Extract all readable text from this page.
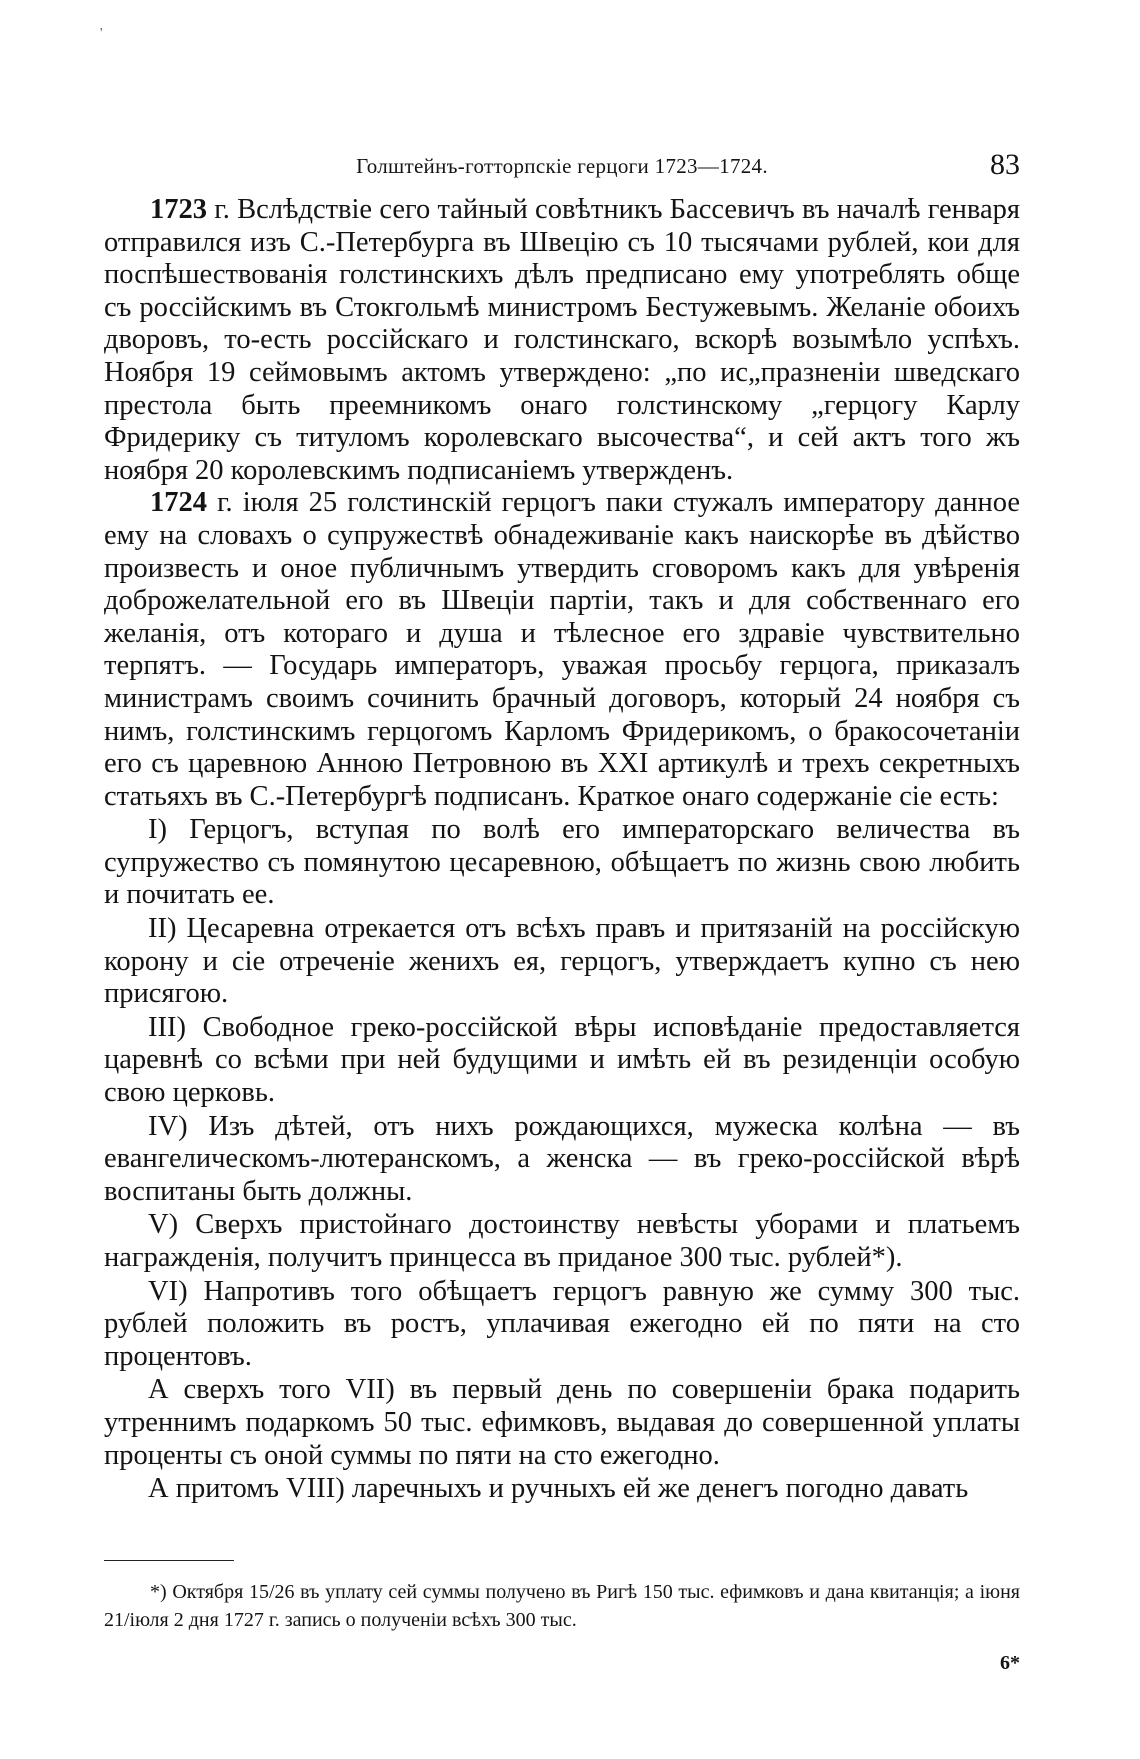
'
Голштейнъ-готторпскіе герцоги 1723—1724.	83

1723 г. Вслѣдствіе сего тайный совѣтникъ Бассевичъ въ началѣ генваря отправился изъ С.-Петербурга въ Швецію съ 10 тысячами рублей, кои для поспѣшествованія голстинскихъ дѣлъ предписано ему употреблять обще съ россійскимъ въ Стокгольмѣ министромъ Бестужевымъ. Желаніе обоихъ дворовъ, то-есть россійскаго и голстинскаго, вскорѣ возымѣло успѣхъ. Ноября 19 сеймовымъ актомъ утверждено: „по ис„празненіи шведскаго престола быть преемникомъ онаго голстинскому „герцогу Карлу Фридерику съ титуломъ королевскаго высочества“, и сей актъ того жъ ноября 20 королевскимъ подписаніемъ утвержденъ.

1724 г. іюля 25 голстинскій герцогъ паки стужалъ императору данное ему на словахъ о супружествѣ обнадеживаніе какъ наискорѣе въ дѣйство произвесть и оное публичнымъ утвердить сговоромъ какъ для увѣренія доброжелательной его въ Швеціи партіи, такъ и для собственнаго его желанія, отъ котораго и душа и тѣлесное его здравіе чувствительно терпятъ. — Государь императоръ, уважая просьбу герцога, приказалъ министрамъ своимъ сочинить брачный договоръ, который 24 ноября съ нимъ, голстинскимъ герцогомъ Карломъ Фридерикомъ, о бракосочетаніи его съ царевною Анною Петровною въ XXI артикулѣ и трехъ секретныхъ статьяхъ въ С.-Петербургѣ подписанъ. Краткое онаго содержаніе сіе есть:

I) Герцогъ, вступая по волѣ его императорскаго величества въ супружество съ помянутою цесаревною, обѣщаетъ по жизнь свою любить и почитать ее.

II) Цесаревна отрекается отъ всѣхъ правъ и притязаній на россійскую корону и сіе отреченіе женихъ ея, герцогъ, утверждаетъ купно съ нею присягою.

III) Свободное греко-россійской вѣры исповѣданіе предоставляется царевнѣ со всѣми при ней будущими и имѣть ей въ резиденціи особую свою церковь.

IV) Изъ дѣтей, отъ нихъ рождающихся, мужеска колѣна — въ евангелическомъ-лютеранскомъ, а женска — въ греко-россійской вѣрѣ воспитаны быть должны.

V) Сверхъ пристойнаго достоинству невѣсты уборами и платьемъ награжденія, получитъ принцесса въ приданое 300 тыс. рублей*).

VI) Напротивъ того обѣщаетъ герцогъ равную же сумму 300 тыс. рублей положить въ ростъ, уплачивая ежегодно ей по пяти на сто процентовъ.

А сверхъ того VII) въ первый день по совершеніи брака подарить утреннимъ подаркомъ 50 тыс. ефимковъ, выдавая до совершенной уплаты проценты съ оной суммы по пяти на сто ежегодно.

А притомъ VIII) ларечныхъ и ручныхъ ей же денегъ погодно давать

*) Октября 15/26 въ уплату сей суммы получено въ Ригѣ 150 тыс. ефимковъ и дана квитанція; а іюня 21/іюля 2 дня 1727 г. запись о полученіи всѣхъ 300 тыс.
6*
